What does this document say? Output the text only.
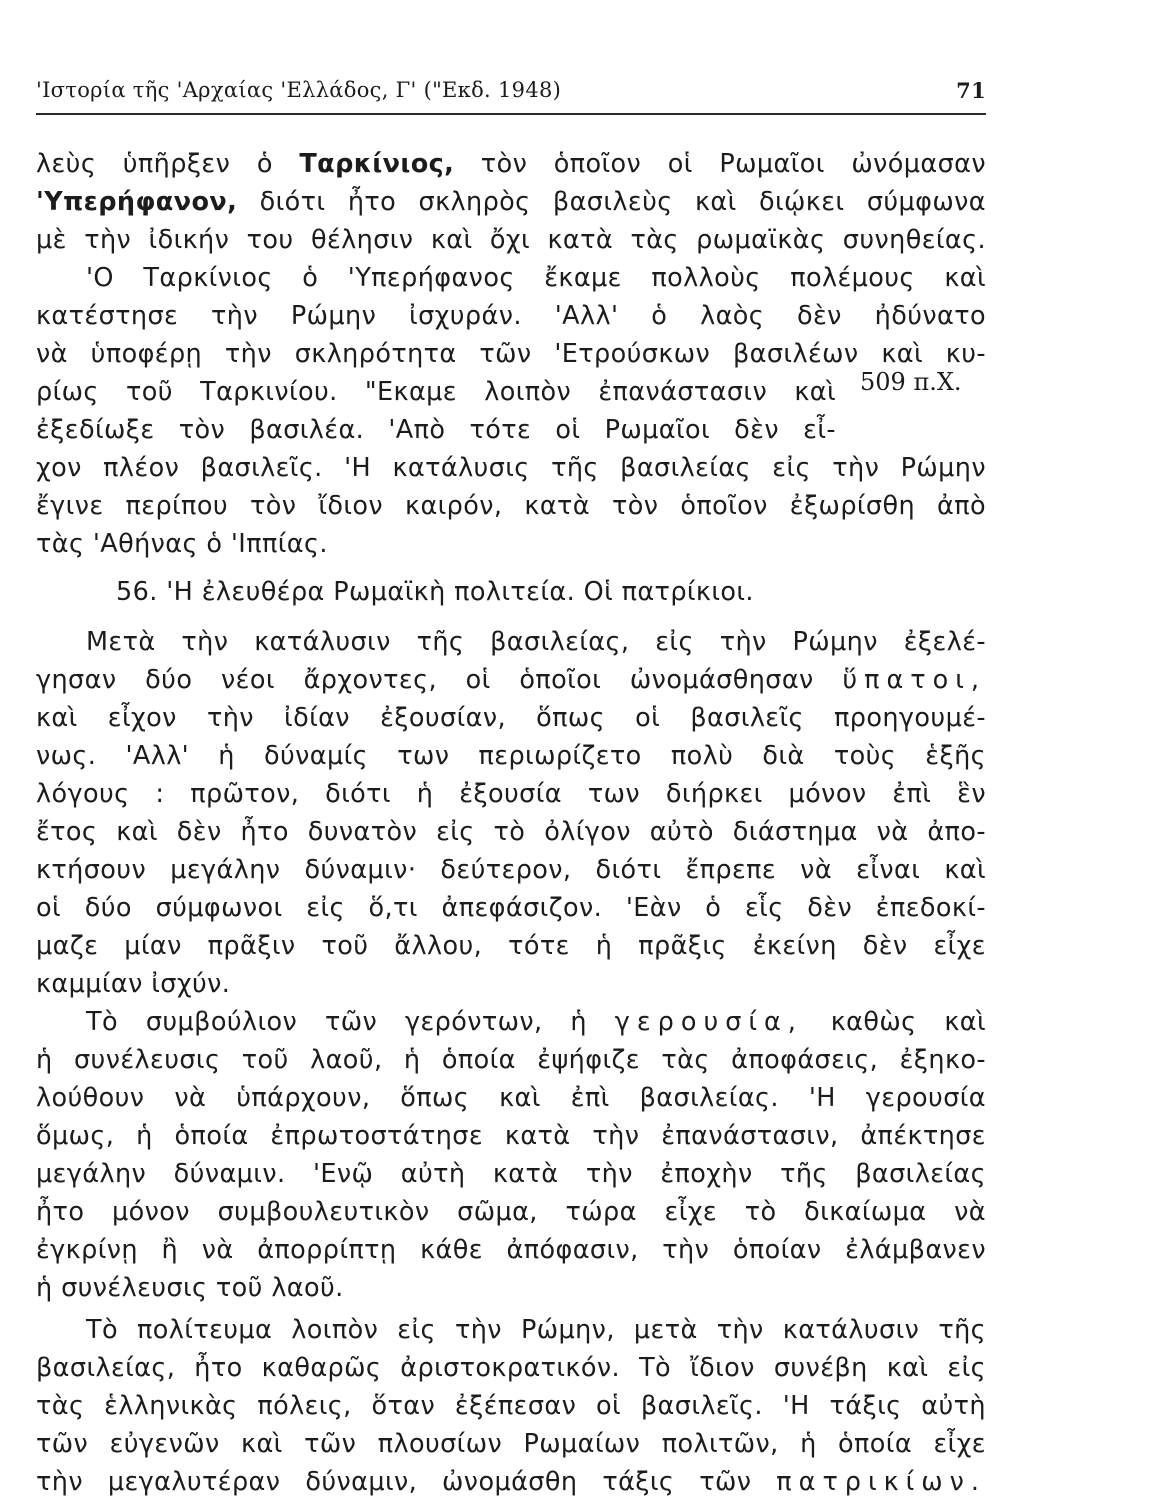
'Ιστορία τῆς 'Αρχαίας 'Ελλάδος, Γ' ("Εκδ. 1948)	71
509 π.Χ.
λεὺς ὑπῆρξεν ὁ Ταρκίνιος, τὸν ὁποῖον οἱ Ρωμαῖοι ὠνόμασαν
'Υπερήφανον, διότι ἦτο σκληρὸς βασιλεὺς καὶ διῴκει σύμφωνα
μὲ τὴν ἰδικήν του θέλησιν καὶ ὄχι κατὰ τὰς ρωμαϊκὰς συνηθείας.
'Ο Ταρκίνιος ὁ 'Υπερήφανος ἔκαμε πολλοὺς πολέμους καὶ
κατέστησε τὴν Ρώμην ἰσχυράν. 'Αλλ' ὁ λαὸς δὲν ἠδύνατο
νὰ ὑποφέρῃ τὴν σκληρότητα τῶν 'Ετρούσκων βασιλέων καὶ κυ-
ρίως τοῦ Ταρκινίου. "Εκαμε λοιπὸν ἐπανάστασιν καὶ
ἐξεδίωξε τὸν βασιλέα. 'Απὸ τότε οἱ Ρωμαῖοι δὲν εἶ-
χον πλέον βασιλεῖς. 'Η κατάλυσις τῆς βασιλείας εἰς τὴν Ρώμην
ἔγινε περίπου τὸν ἴδιον καιρόν, κατὰ τὸν ὁποῖον ἐξωρίσθη ἀπὸ
τὰς 'Αθήνας ὁ 'Ιππίας.
56. 'Η ἐλευθέρα Ρωμαϊκὴ πολιτεία. Οἱ πατρίκιοι.
Μετὰ τὴν κατάλυσιν τῆς βασιλείας, εἰς τὴν Ρώμην ἐξελέ-
γησαν δύο νέοι ἄρχοντες, οἱ ὁποῖοι ὠνομάσθησαν ὕπατοι,
καὶ εἶχον τὴν ἰδίαν ἐξουσίαν, ὅπως οἱ βασιλεῖς προηγουμέ-
νως. 'Αλλ' ἡ δύναμίς των περιωρίζετο πολὺ διὰ τοὺς ἑξῆς
λόγους : πρῶτον, διότι ἡ ἐξουσία των διήρκει μόνον ἐπὶ ἓν
ἔτος καὶ δὲν ἦτο δυνατὸν εἰς τὸ ὀλίγον αὐτὸ διάστημα νὰ ἀπο-
κτήσουν μεγάλην δύναμιν· δεύτερον, διότι ἔπρεπε νὰ εἶναι καὶ
οἱ δύο σύμφωνοι εἰς ὅ,τι ἀπεφάσιζον. 'Εὰν ὁ εἷς δὲν ἐπεδοκί-
μαζε μίαν πρᾶξιν τοῦ ἄλλου, τότε ἡ πρᾶξις ἐκείνη δὲν εἶχε
καμμίαν ἰσχύν.
Τὸ συμβούλιον τῶν γερόντων, ἡ γερουσία, καθὼς καὶ
ἡ συνέλευσις τοῦ λαοῦ, ἡ ὁποία ἐψήφιζε τὰς ἀποφάσεις, ἐξηκο-
λούθουν νὰ ὑπάρχουν, ὅπως καὶ ἐπὶ βασιλείας. 'Η γερουσία
ὅμως, ἡ ὁποία ἐπρωτοστάτησε κατὰ τὴν ἐπανάστασιν, ἀπέκτησε
μεγάλην δύναμιν. 'Ενῷ αὐτὴ κατὰ τὴν ἐποχὴν τῆς βασιλείας
ἦτο μόνον συμβουλευτικὸν σῶμα, τώρα εἶχε τὸ δικαίωμα νὰ
ἐγκρίνῃ ἢ νὰ ἀπορρίπτῃ κάθε ἀπόφασιν, τὴν ὁποίαν ἐλάμβανεν
ἡ συνέλευσις τοῦ λαοῦ.
Τὸ πολίτευμα λοιπὸν εἰς τὴν Ρώμην, μετὰ τὴν κατάλυσιν τῆς
βασιλείας, ἦτο καθαρῶς ἀριστοκρατικόν. Τὸ ἴδιον συνέβη καὶ εἰς
τὰς ἑλληνικὰς πόλεις, ὅταν ἐξέπεσαν οἱ βασιλεῖς. 'Η τάξις αὐτὴ
τῶν εὐγενῶν καὶ τῶν πλουσίων Ρωμαίων πολιτῶν, ἡ ὁποία εἶχε
τὴν μεγαλυτέραν δύναμιν, ὠνομάσθη τάξις τῶν πατρικίων.
